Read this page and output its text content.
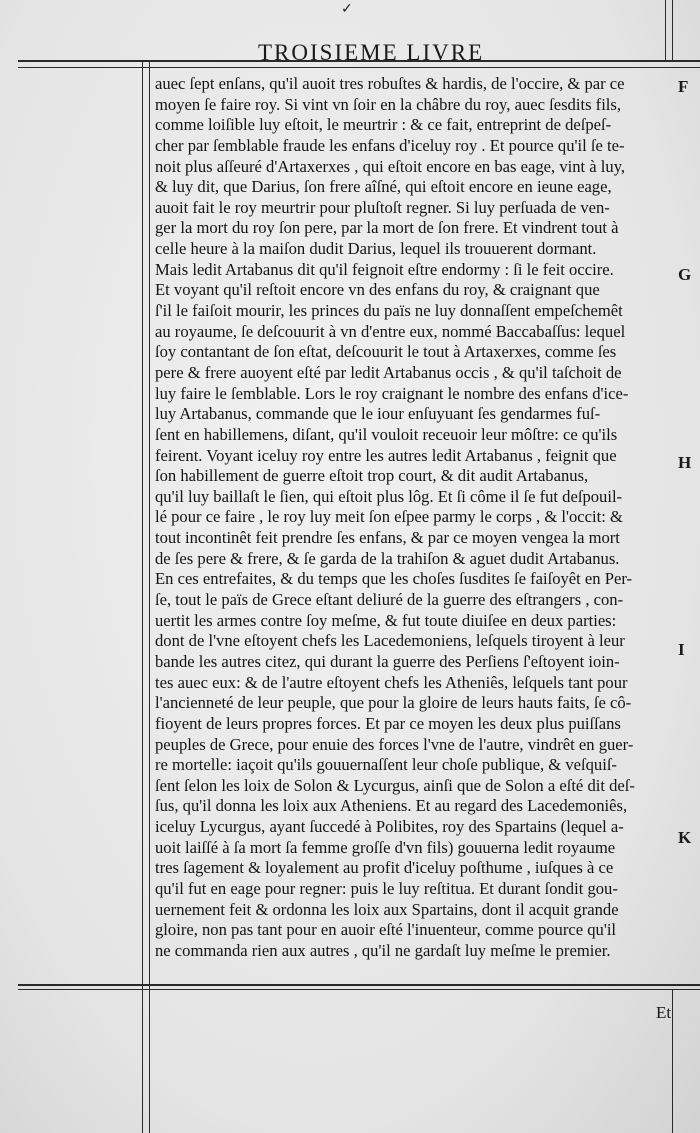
✓
TROISIEME LIVRE
auec ſept enſans, qu'il auoit tres robuſtes & hardis, de l'occire, & par ce
moyen ſe faire roy. Si vint vn ſoir en la châbre du roy, auec ſesdits fils,
comme loiſible luy eſtoit, le meurtrir : & ce fait, entreprint de deſpeſ-
cher par ſemblable fraude les enfans d'iceluy roy . Et pource qu'il ſe te-
noit plus aſſeuré d'Artaxerxes , qui eſtoit encore en bas eage, vint à luy,
& luy dit, que Darius, ſon frere aîſné, qui eſtoit encore en ieune eage,
auoit fait le roy meurtrir pour pluſtoſt regner. Si luy perſuada de ven-
ger la mort du roy ſon pere, par la mort de ſon frere. Et vindrent tout à
celle heure à la maiſon dudit Darius, lequel ils trouuerent dormant.
Mais ledit Artabanus dit qu'il feignoit eſtre endormy : ſi le feit occire.
Et voyant qu'il reſtoit encore vn des enfans du roy, & craignant que
ſ'il le faiſoit mourir, les princes du païs ne luy donnaſſent empeſchemêt
au royaume, ſe deſcouurit à vn d'entre eux, nommé Baccabaſſus: lequel
ſoy contantant de ſon eſtat, deſcouurit le tout à Artaxerxes, comme ſes
pere & frere auoyent eſté par ledit Artabanus occis , & qu'il taſchoit de
luy faire le ſemblable. Lors le roy craignant le nombre des enfans d'ice-
luy Artabanus, commande que le iour enſuyuant ſes gendarmes fuſ-
ſent en habillemens, diſant, qu'il vouloit receuoir leur môſtre: ce qu'ils
feirent. Voyant iceluy roy entre les autres ledit Artabanus , feignit que
ſon habillement de guerre eſtoit trop court, & dit audit Artabanus,
qu'il luy baillaſt le ſien, qui eſtoit plus lôg. Et ſi côme il ſe fut deſpouil-
lé pour ce faire , le roy luy meit ſon eſpee parmy le corps , & l'occit: &
tout incontinêt feit prendre ſes enfans, & par ce moyen vengea la mort
de ſes pere & frere, & ſe garda de la trahiſon & aguet dudit Artabanus.
En ces entrefaites, & du temps que les choſes ſusdites ſe faiſoyêt en Per-
ſe, tout le païs de Grece eſtant deliuré de la guerre des eſtrangers , con-
uertit les armes contre ſoy meſme, & fut toute diuiſee en deux parties:
dont de l'vne eſtoyent chefs les Lacedemoniens, leſquels tiroyent à leur
bande les autres citez, qui durant la guerre des Perſiens ſ'eſtoyent ioin-
tes auec eux: & de l'autre eſtoyent chefs les Atheniês, leſquels tant pour
l'ancienneté de leur peuple, que pour la gloire de leurs hauts faits, ſe cô-
fioyent de leurs propres forces. Et par ce moyen les deux plus puiſſans
peuples de Grece, pour enuie des forces l'vne de l'autre, vindrêt en guer-
re mortelle: iaçoit qu'ils gouuernaſſent leur choſe publique, & veſquiſ-
ſent ſelon les loix de Solon & Lycurgus, ainſi que de Solon a eſté dit deſ-
ſus, qu'il donna les loix aux Atheniens. Et au regard des Lacedemoniês,
iceluy Lycurgus, ayant ſuccedé à Polibites, roy des Spartains (lequel a-
uoit laiſſé à ſa mort ſa femme groſſe d'vn fils) gouuerna ledit royaume
tres ſagement & loyalement au profit d'iceluy poſthume , iuſques à ce
qu'il fut en eage pour regner: puis le luy reſtitua. Et durant ſondit gou-
uernement feit & ordonna les loix aux Spartains, dont il acquit grande
gloire, non pas tant pour en auoir eſté l'inuenteur, comme pource qu'il
ne commanda rien aux autres , qu'il ne gardaſt luy meſme le premier.
F
G
H
I
K
Et
